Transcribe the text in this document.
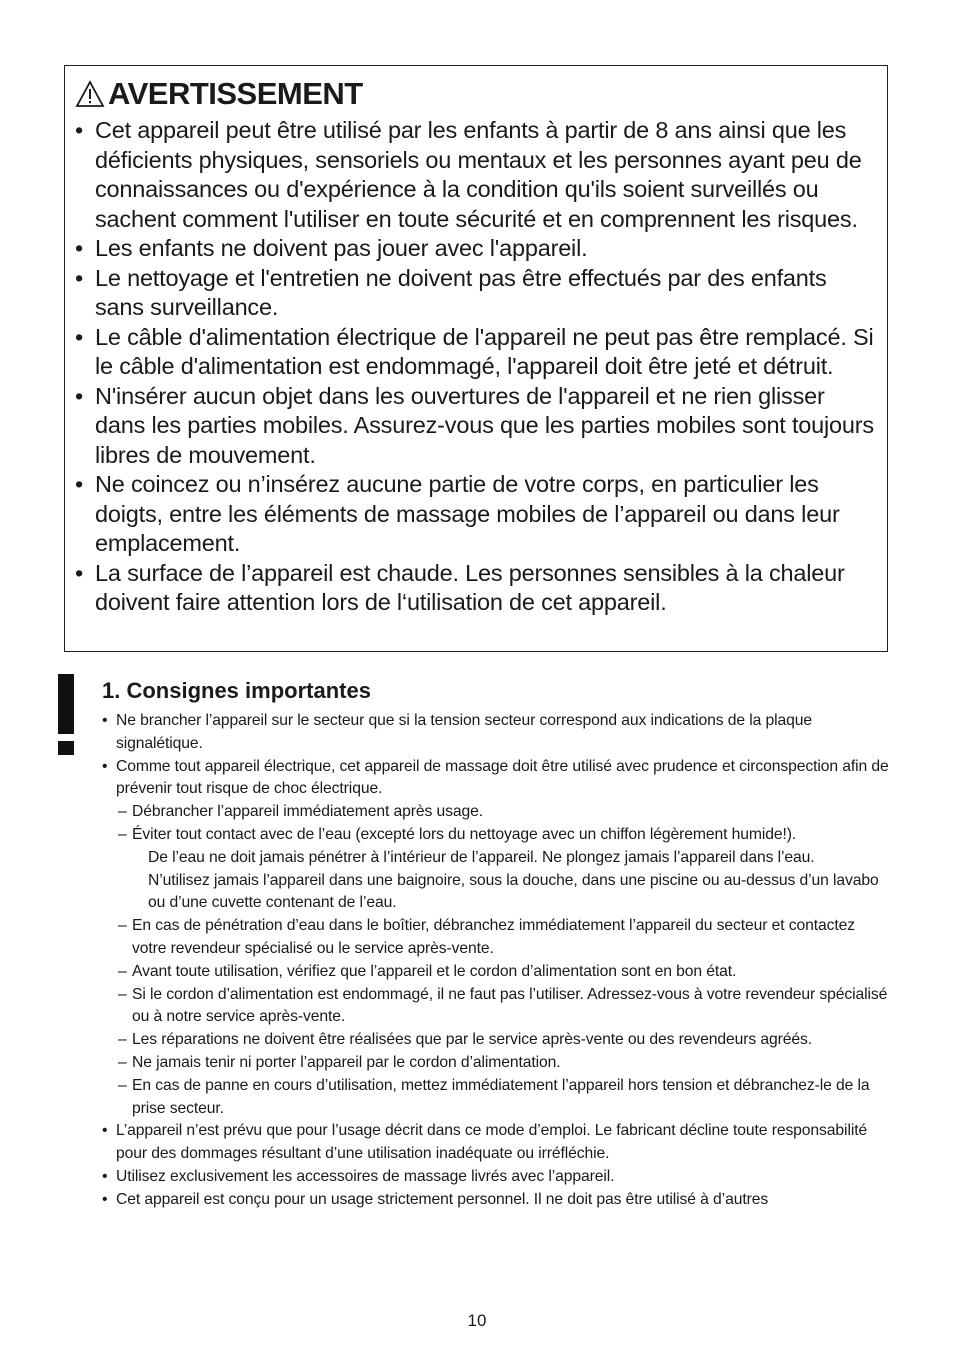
AVERTISSEMENT
• Cet appareil peut être utilisé par les enfants à partir de 8 ans ainsi que les déficients physiques, sensoriels ou mentaux et les personnes ayant peu de connaissances ou d'expérience à la condition qu'ils soient surveillés ou sachent comment l'utiliser en toute sécurité et en comprennent les risques.
• Les enfants ne doivent pas jouer avec l'appareil.
• Le nettoyage et l'entretien ne doivent pas être effectués par des enfants sans surveillance.
• Le câble d'alimentation électrique de l'appareil ne peut pas être remplacé. Si le câble d'alimentation est endommagé, l'appareil doit être jeté et détruit.
• N'insérer aucun objet dans les ouvertures de l'appareil et ne rien glisser dans les parties mobiles. Assurez-vous que les parties mobiles sont toujours libres de mouvement.
• Ne coincez ou n’insérez aucune partie de votre corps, en particulier les doigts, entre les éléments de massage mobiles de l’appareil ou dans leur emplacement.
• La surface de l’appareil est chaude. Les personnes sensibles à la chaleur doivent faire attention lors de l‘utilisation de cet appareil.
1. Consignes importantes
• Ne brancher l’appareil sur le secteur que si la tension secteur correspond aux indications de la plaque signalétique.
• Comme tout appareil électrique, cet appareil de massage doit être utilisé avec prudence et circonspection afin de prévenir tout risque de choc électrique.
– Débrancher l’appareil immédiatement après usage.
– Éviter tout contact avec de l’eau (excepté lors du nettoyage avec un chiffon légèrement humide!).

De l’eau ne doit jamais pénétrer à l’intérieur de l’appareil. Ne plongez jamais l’appareil dans l’eau.

N’utilisez jamais l’appareil dans une baignoire, sous la douche, dans une piscine ou au-dessus d’un lavabo ou d’une cuvette contenant de l’eau.

– En cas de pénétration d’eau dans le boîtier, débranchez immédiatement l’appareil du secteur et contactez votre revendeur spécialisé ou le service après-vente.
– Avant toute utilisation, vérifiez que l’appareil et le cordon d’alimentation sont en bon état.
– Si le cordon d’alimentation est endommagé, il ne faut pas l’utiliser. Adressez-vous à votre revendeur spécialisé ou à notre service après-vente.
– Les réparations ne doivent être réalisées que par le service après-vente ou des revendeurs agréés.
– Ne jamais tenir ni porter l’appareil par le cordon d’alimentation.
– En cas de panne en cours d’utilisation, mettez immédiatement l’appareil hors tension et débranchez-le de la prise secteur.
• L’appareil n’est prévu que pour l’usage décrit dans ce mode d’emploi. Le fabricant décline toute responsabilité pour des dommages résultant d’une utilisation inadéquate ou irréfléchie.
• Utilisez exclusivement les accessoires de massage livrés avec l’appareil.
• Cet appareil est conçu pour un usage strictement personnel. Il ne doit pas être utilisé à d’autres
10
